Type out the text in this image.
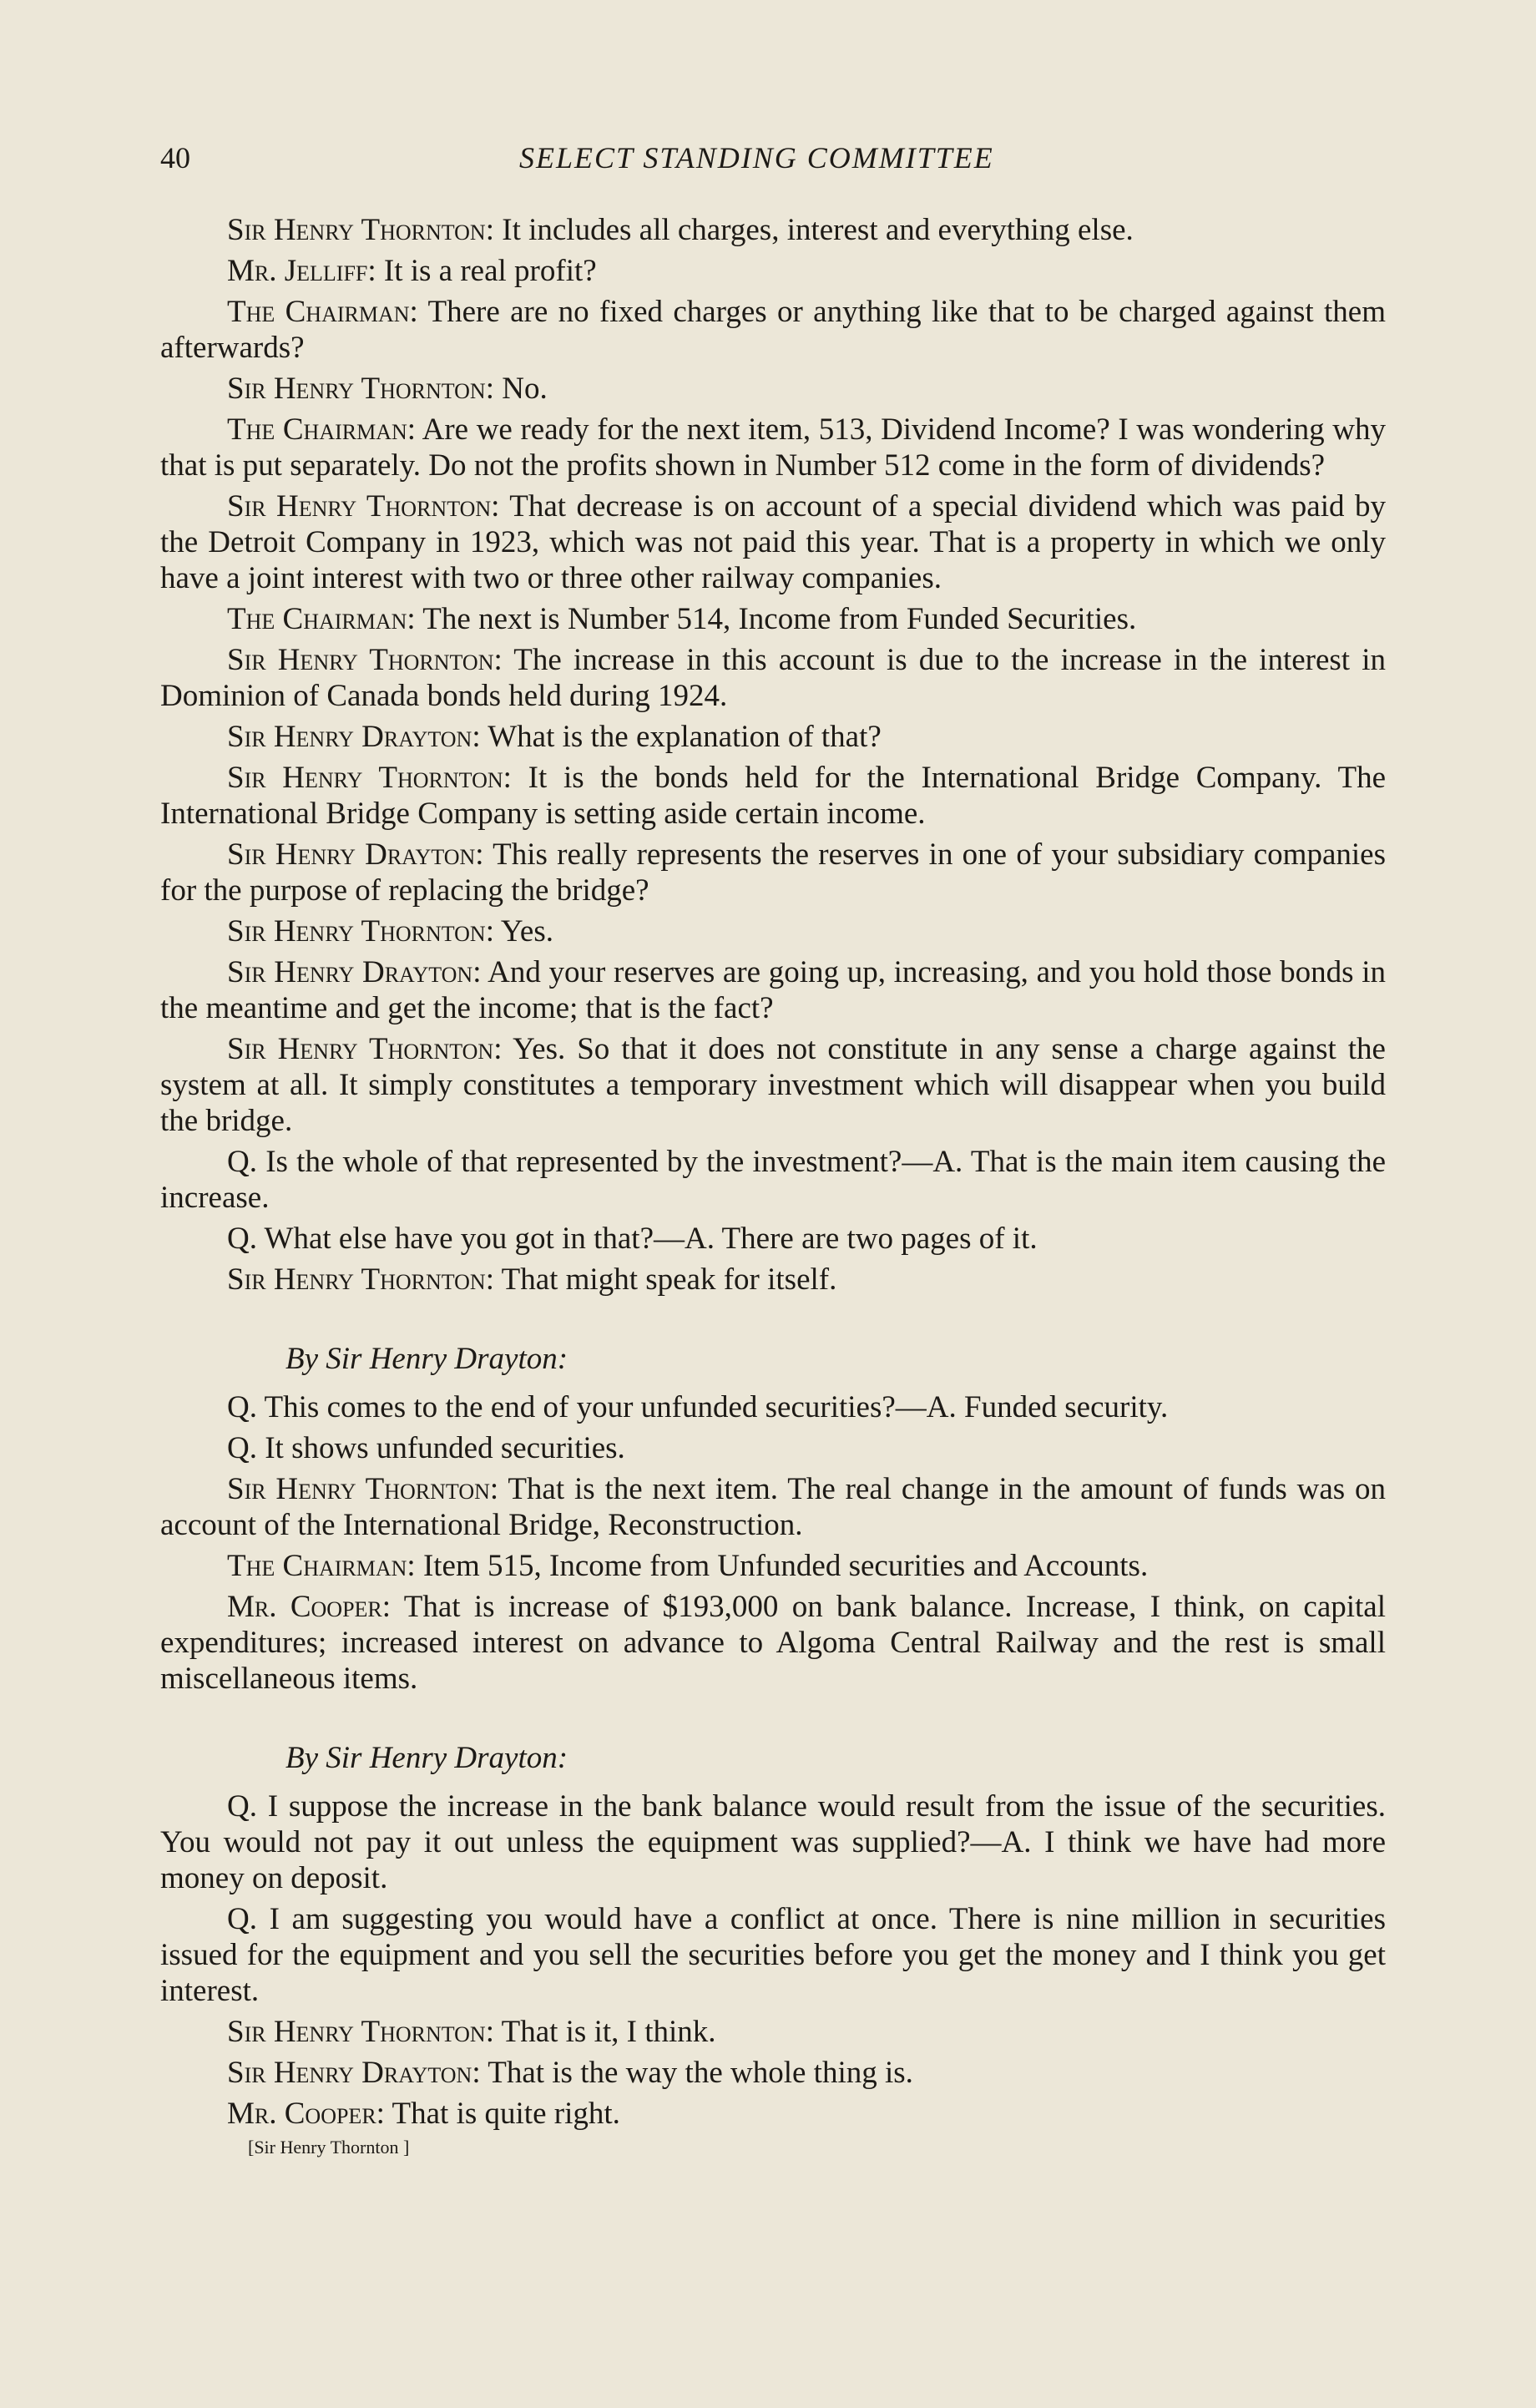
40	SELECT STANDING COMMITTEE

Sir Henry Thornton: It includes all charges, interest and everything else.

Mr. Jelliff: It is a real profit?

The Chairman: There are no fixed charges or anything like that to be charged against them afterwards?

Sir Henry Thornton: No.

The Chairman: Are we ready for the next item, 513, Dividend Income? I was wondering why that is put separately. Do not the profits shown in Number 512 come in the form of dividends?

Sir Henry Thornton: That decrease is on account of a special dividend which was paid by the Detroit Company in 1923, which was not paid this year. That is a property in which we only have a joint interest with two or three other railway companies.

The Chairman: The next is Number 514, Income from Funded Securities.

Sir Henry Thornton: The increase in this account is due to the increase in the interest in Dominion of Canada bonds held during 1924.

Sir Henry Drayton: What is the explanation of that?

Sir Henry Thornton: It is the bonds held for the International Bridge Company. The International Bridge Company is setting aside certain income.

Sir Henry Drayton: This really represents the reserves in one of your subsidiary companies for the purpose of replacing the bridge?

Sir Henry Thornton: Yes.

Sir Henry Drayton: And your reserves are going up, increasing, and you hold those bonds in the meantime and get the income; that is the fact?

Sir Henry Thornton: Yes. So that it does not constitute in any sense a charge against the system at all. It simply constitutes a temporary investment which will disappear when you build the bridge.

Q. Is the whole of that represented by the investment?—A. That is the main item causing the increase.

Q. What else have you got in that?—A. There are two pages of it.

Sir Henry Thornton: That might speak for itself.

By Sir Henry Drayton:

Q. This comes to the end of your unfunded securities?—A. Funded security.

Q. It shows unfunded securities.

Sir Henry Thornton: That is the next item. The real change in the amount of funds was on account of the International Bridge, Reconstruction.

The Chairman: Item 515, Income from Unfunded securities and Accounts.

Mr. Cooper: That is increase of $193,000 on bank balance. Increase, I think, on capital expenditures; increased interest on advance to Algoma Central Railway and the rest is small miscellaneous items.

By Sir Henry Drayton:

Q. I suppose the increase in the bank balance would result from the issue of the securities. You would not pay it out unless the equipment was supplied?—A. I think we have had more money on deposit.

Q. I am suggesting you would have a conflict at once. There is nine million in securities issued for the equipment and you sell the securities before you get the money and I think you get interest.

Sir Henry Thornton: That is it, I think.

Sir Henry Drayton: That is the way the whole thing is.

Mr. Cooper: That is quite right.

[Sir Henry Thornton ]
